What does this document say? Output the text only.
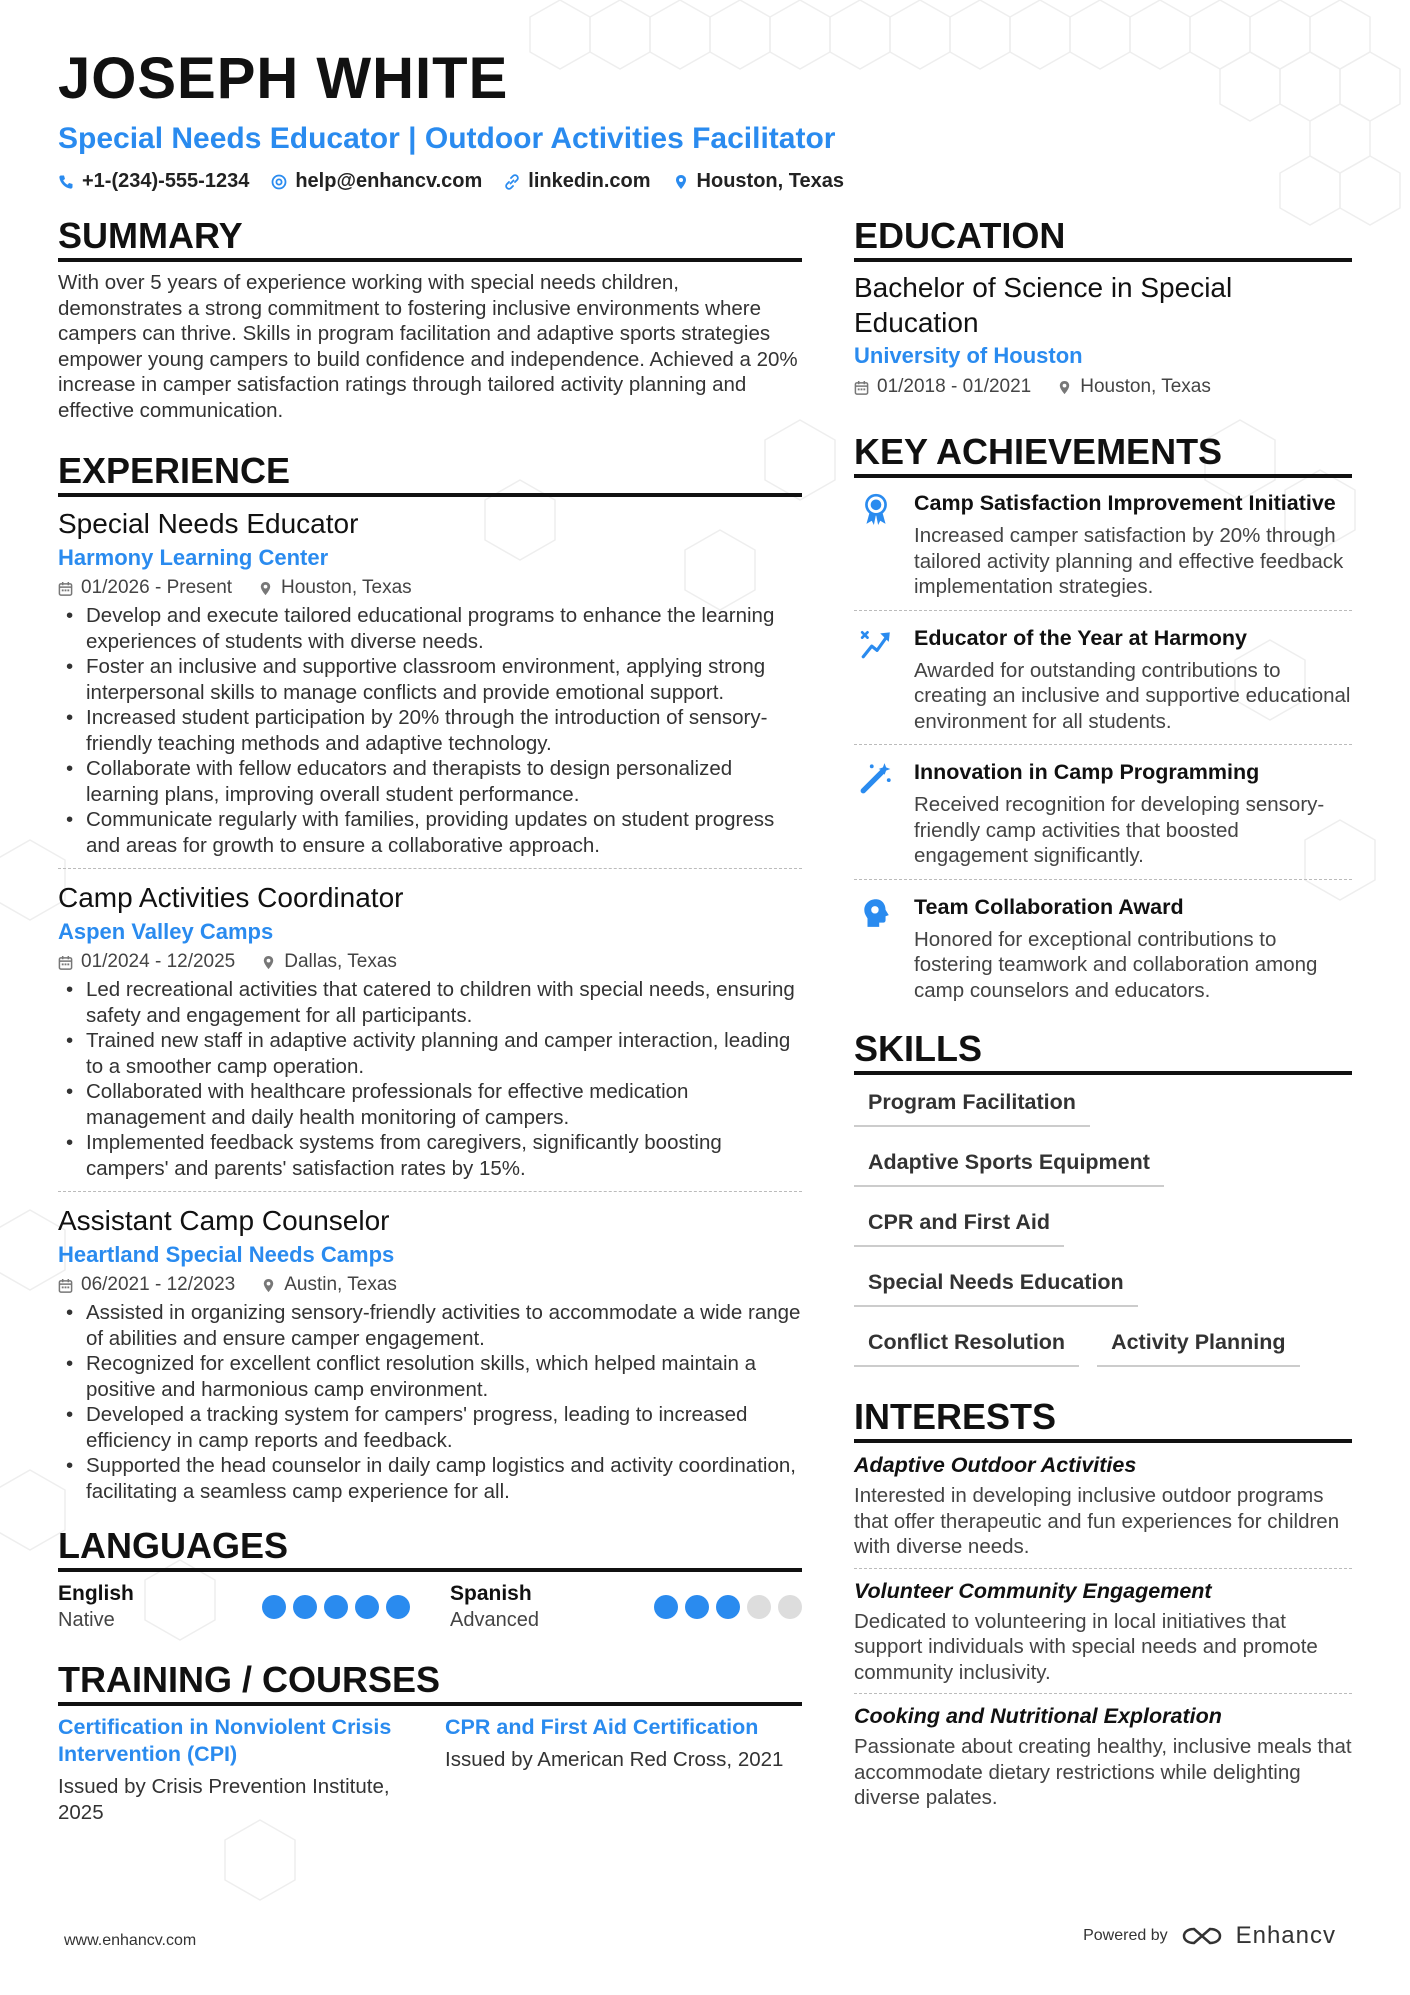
JOSEPH WHITE
Special Needs Educator | Outdoor Activities Facilitator
+1-(234)-555-1234 help@enhancv.com linkedin.com Houston, Texas
SUMMARY
With over 5 years of experience working with special needs children, demonstrates a strong commitment to fostering inclusive environments where campers can thrive. Skills in program facilitation and adaptive sports strategies empower young campers to build confidence and independence. Achieved a 20% increase in camper satisfaction ratings through tailored activity planning and effective communication.
EXPERIENCE
Special Needs Educator
Harmony Learning Center
01/2026 - Present	Houston, Texas
• Develop and execute tailored educational programs to enhance the learning experiences of students with diverse needs.
• Foster an inclusive and supportive classroom environment, applying strong interpersonal skills to manage conflicts and provide emotional support.
• Increased student participation by 20% through the introduction of sensory-friendly teaching methods and adaptive technology.
• Collaborate with fellow educators and therapists to design personalized learning plans, improving overall student performance.
• Communicate regularly with families, providing updates on student progress and areas for growth to ensure a collaborative approach.
Camp Activities Coordinator
Aspen Valley Camps
01/2024 - 12/2025	Dallas, Texas
• Led recreational activities that catered to children with special needs, ensuring safety and engagement for all participants.
• Trained new staff in adaptive activity planning and camper interaction, leading to a smoother camp operation.
• Collaborated with healthcare professionals for effective medication management and daily health monitoring of campers.
• Implemented feedback systems from caregivers, significantly boosting campers' and parents' satisfaction rates by 15%.
Assistant Camp Counselor
Heartland Special Needs Camps
06/2021 - 12/2023	Austin, Texas
• Assisted in organizing sensory-friendly activities to accommodate a wide range of abilities and ensure camper engagement.
• Recognized for excellent conflict resolution skills, which helped maintain a positive and harmonious camp environment.
• Developed a tracking system for campers' progress, leading to increased efficiency in camp reports and feedback.
• Supported the head counselor in daily camp logistics and activity coordination, facilitating a seamless camp experience for all.
LANGUAGES
English
Native
Spanish
Advanced
TRAINING / COURSES
Certification in Nonviolent Crisis Intervention (CPI)
Issued by Crisis Prevention Institute, 2025
CPR and First Aid Certification
Issued by American Red Cross, 2021
EDUCATION
Bachelor of Science in Special Education
University of Houston
01/2018 - 01/2021	Houston, Texas
KEY ACHIEVEMENTS
Camp Satisfaction Improvement Initiative
Increased camper satisfaction by 20% through tailored activity planning and effective feedback implementation strategies.
Educator of the Year at Harmony
Awarded for outstanding contributions to creating an inclusive and supportive educational environment for all students.
Innovation in Camp Programming
Received recognition for developing sensory-friendly camp activities that boosted engagement significantly.
Team Collaboration Award
Honored for exceptional contributions to fostering teamwork and collaboration among camp counselors and educators.
SKILLS
Program Facilitation
Adaptive Sports Equipment
CPR and First Aid
Special Needs Education
Conflict Resolution	Activity Planning
INTERESTS
Adaptive Outdoor Activities
Interested in developing inclusive outdoor programs that offer therapeutic and fun experiences for children with diverse needs.
Volunteer Community Engagement
Dedicated to volunteering in local initiatives that support individuals with special needs and promote community inclusivity.
Cooking and Nutritional Exploration
Passionate about creating healthy, inclusive meals that accommodate dietary restrictions while delighting diverse palates.
www.enhancv.com	Powered by	Enhancv
